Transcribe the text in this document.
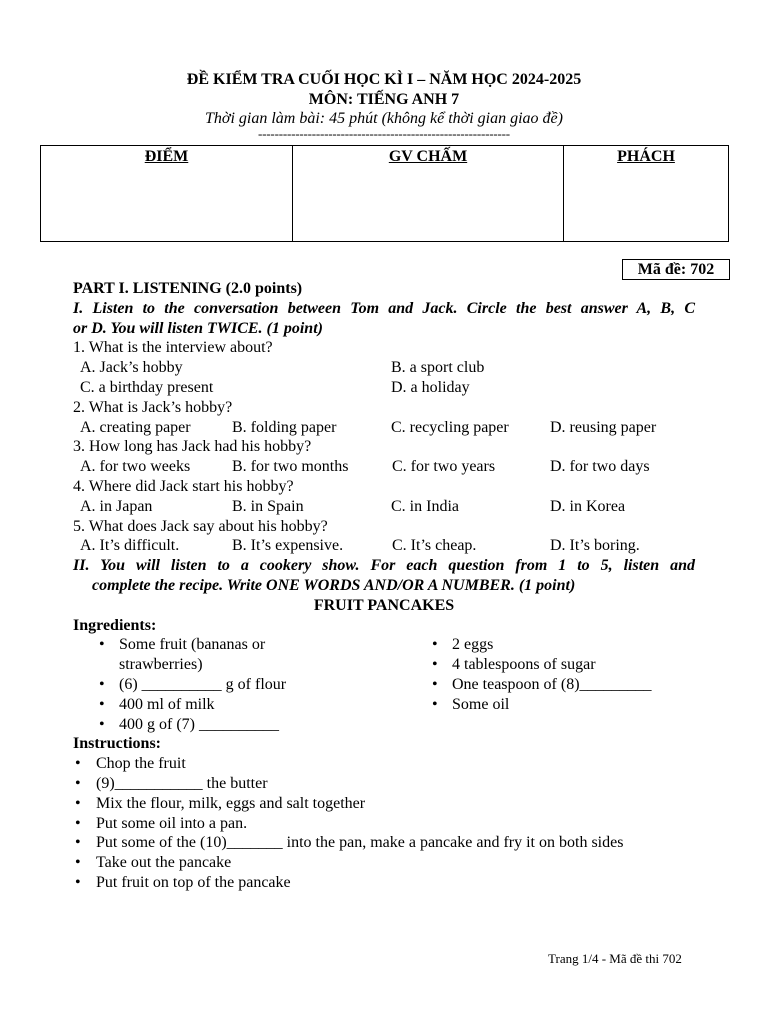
ĐỀ KIỂM TRA CUỐI HỌC KÌ I – NĂM HỌC 2024-2025
MÔN: TIẾNG ANH 7
Thời gian làm bài: 45 phút (không kể thời gian giao đề)
-------------------------------------------------------------
ĐIỂM	GV CHẤM	PHÁCH
Mã đề: 702
PART I. LISTENING (2.0 points)
I. Listen to the conversation between Tom and Jack. Circle the best answer A, B, C
or D. You will listen TWICE. (1 point)
1. What is the interview about?
A. Jack’s hobby	B. a sport club
C. a birthday present	D. a holiday
2. What is Jack’s hobby?
A. creating paper	B. folding paper	C. recycling paper	D. reusing paper
3. How long has Jack had his hobby?
A. for two weeks	B. for two months	C. for two years	D. for two days
4. Where did Jack start his hobby?
A. in Japan	B. in Spain	C. in India	D. in Korea
5. What does Jack say about his hobby?
A. It’s difficult.	B. It’s expensive.	C. It’s cheap.	D. It’s boring.
II. You will listen to a cookery show. For each question from 1 to 5, listen and
complete the recipe. Write ONE WORDS AND/OR A NUMBER. (1 point)
FRUIT PANCAKES
Ingredients:
• Some fruit (bananas or
strawberries)
• (6) __________ g of flour
• 400 ml of milk
• 400 g of (7) __________
• 2 eggs
• 4 tablespoons of sugar
• One teaspoon of (8)_________
• Some oil
Instructions:
• Chop the fruit
• (9)___________ the butter
• Mix the flour, milk, eggs and salt together
• Put some oil into a pan.
• Put some of the (10)_______ into the pan, make a pancake and fry it on both sides
• Take out the pancake
• Put fruit on top of the pancake
Trang 1/4 - Mã đề thi 702
